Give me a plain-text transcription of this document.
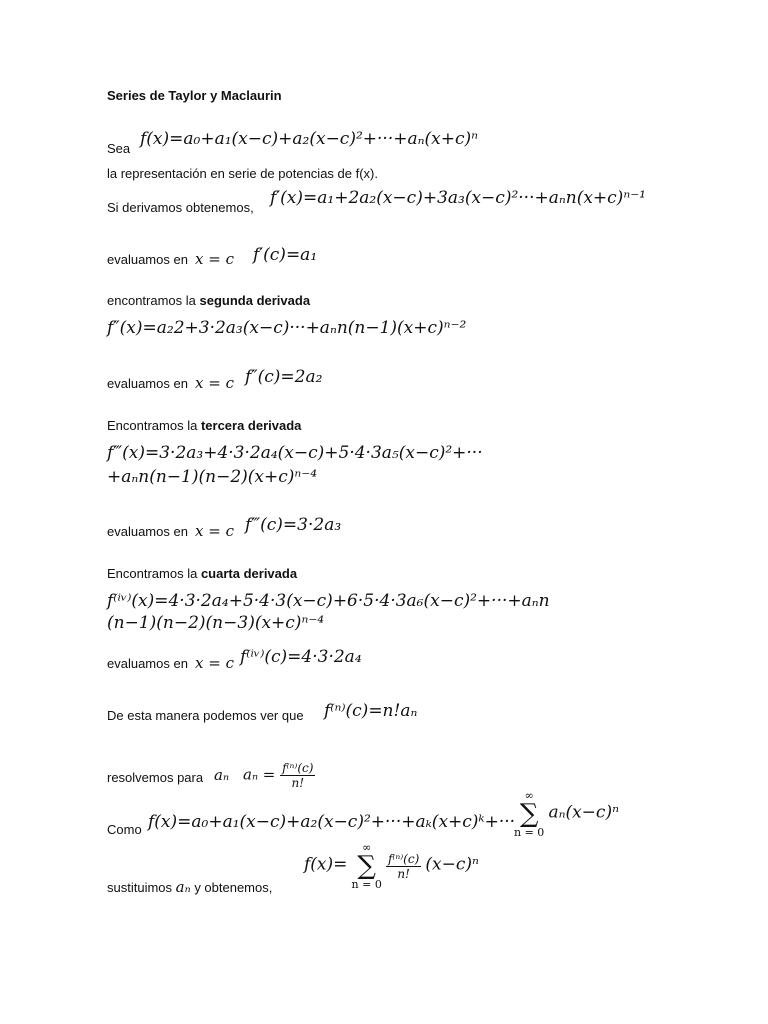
Series de Taylor y Maclaurin
Sea f(x)=a₀+a₁(x−c)+a₂(x−c)²+···+aₙ(x+c)ⁿ
la representación en serie de potencias de f(x).
Si derivamos obtenemos, f′(x)=a₁+2a₂(x−c)+3a₃(x−c)²···+aₙn(x+c)ⁿ⁻¹
evaluamos en x = c f′(c)=a₁
encontramos la segunda derivada
f″(x)=a₂2+3·2a₃(x−c)···+aₙn(n−1)(x+c)ⁿ⁻²
evaluamos en x = c f″(c)=2a₂
Encontramos la tercera derivada
f‴(x)=3·2a₃+4·3·2a₄(x−c)+5·4·3a₅(x−c)²+···
+aₙn(n−1)(n−2)(x+c)ⁿ⁻⁴
evaluamos en x = c f‴(c)=3·2a₃
Encontramos la cuarta derivada
f⁽ⁱᵛ⁾(x)=4·3·2a₄+5·4·3(x−c)+6·5·4·3a₆(x−c)²+···+aₙn
(n−1)(n−2)(n−3)(x+c)ⁿ⁻⁴
evaluamos en x = c f⁽ⁱᵛ⁾(c)=4·3·2a₄
De esta manera podemos ver que f⁽ⁿ⁾(c)=n!aₙ
resolvemos para aₙ $a_n = \frac{\text{f⁽ⁿ⁾(c)}}{n!}$
Como f(x)=a₀+a₁(x−c)+a₂(x−c)²+···+aₖ(x+c)ᵏ+···
∞
∑
n = 0
aₙ(x−c)ⁿ
sustituimos aₙ y obtenemos,
f(x)=
∞
∑
n = 0

$\frac{\text{f⁽ⁿ⁾(c)}}{n!} (x-c)^n$
